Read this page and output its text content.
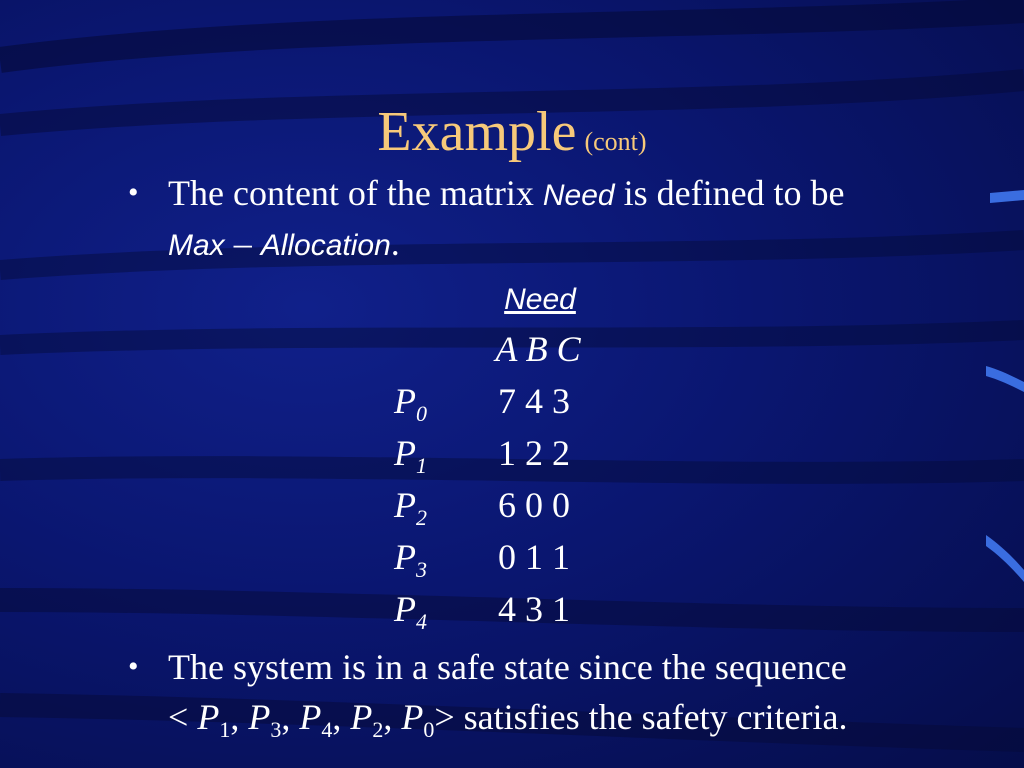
Example (cont)
• The content of the matrix Need is defined to be
Max – Allocation.
Need
A B C
$P_0$ 7 4 3
$P_1$ 1 2 2
$P_2$ 6 0 0
$P_3$ 0 1 1
$P_4$ 4 3 1
• The system is in a safe state since the sequence
< $P_1$, $P_3$, $P_4$, $P_2$, $P_0>$ satisfies the safety criteria.
